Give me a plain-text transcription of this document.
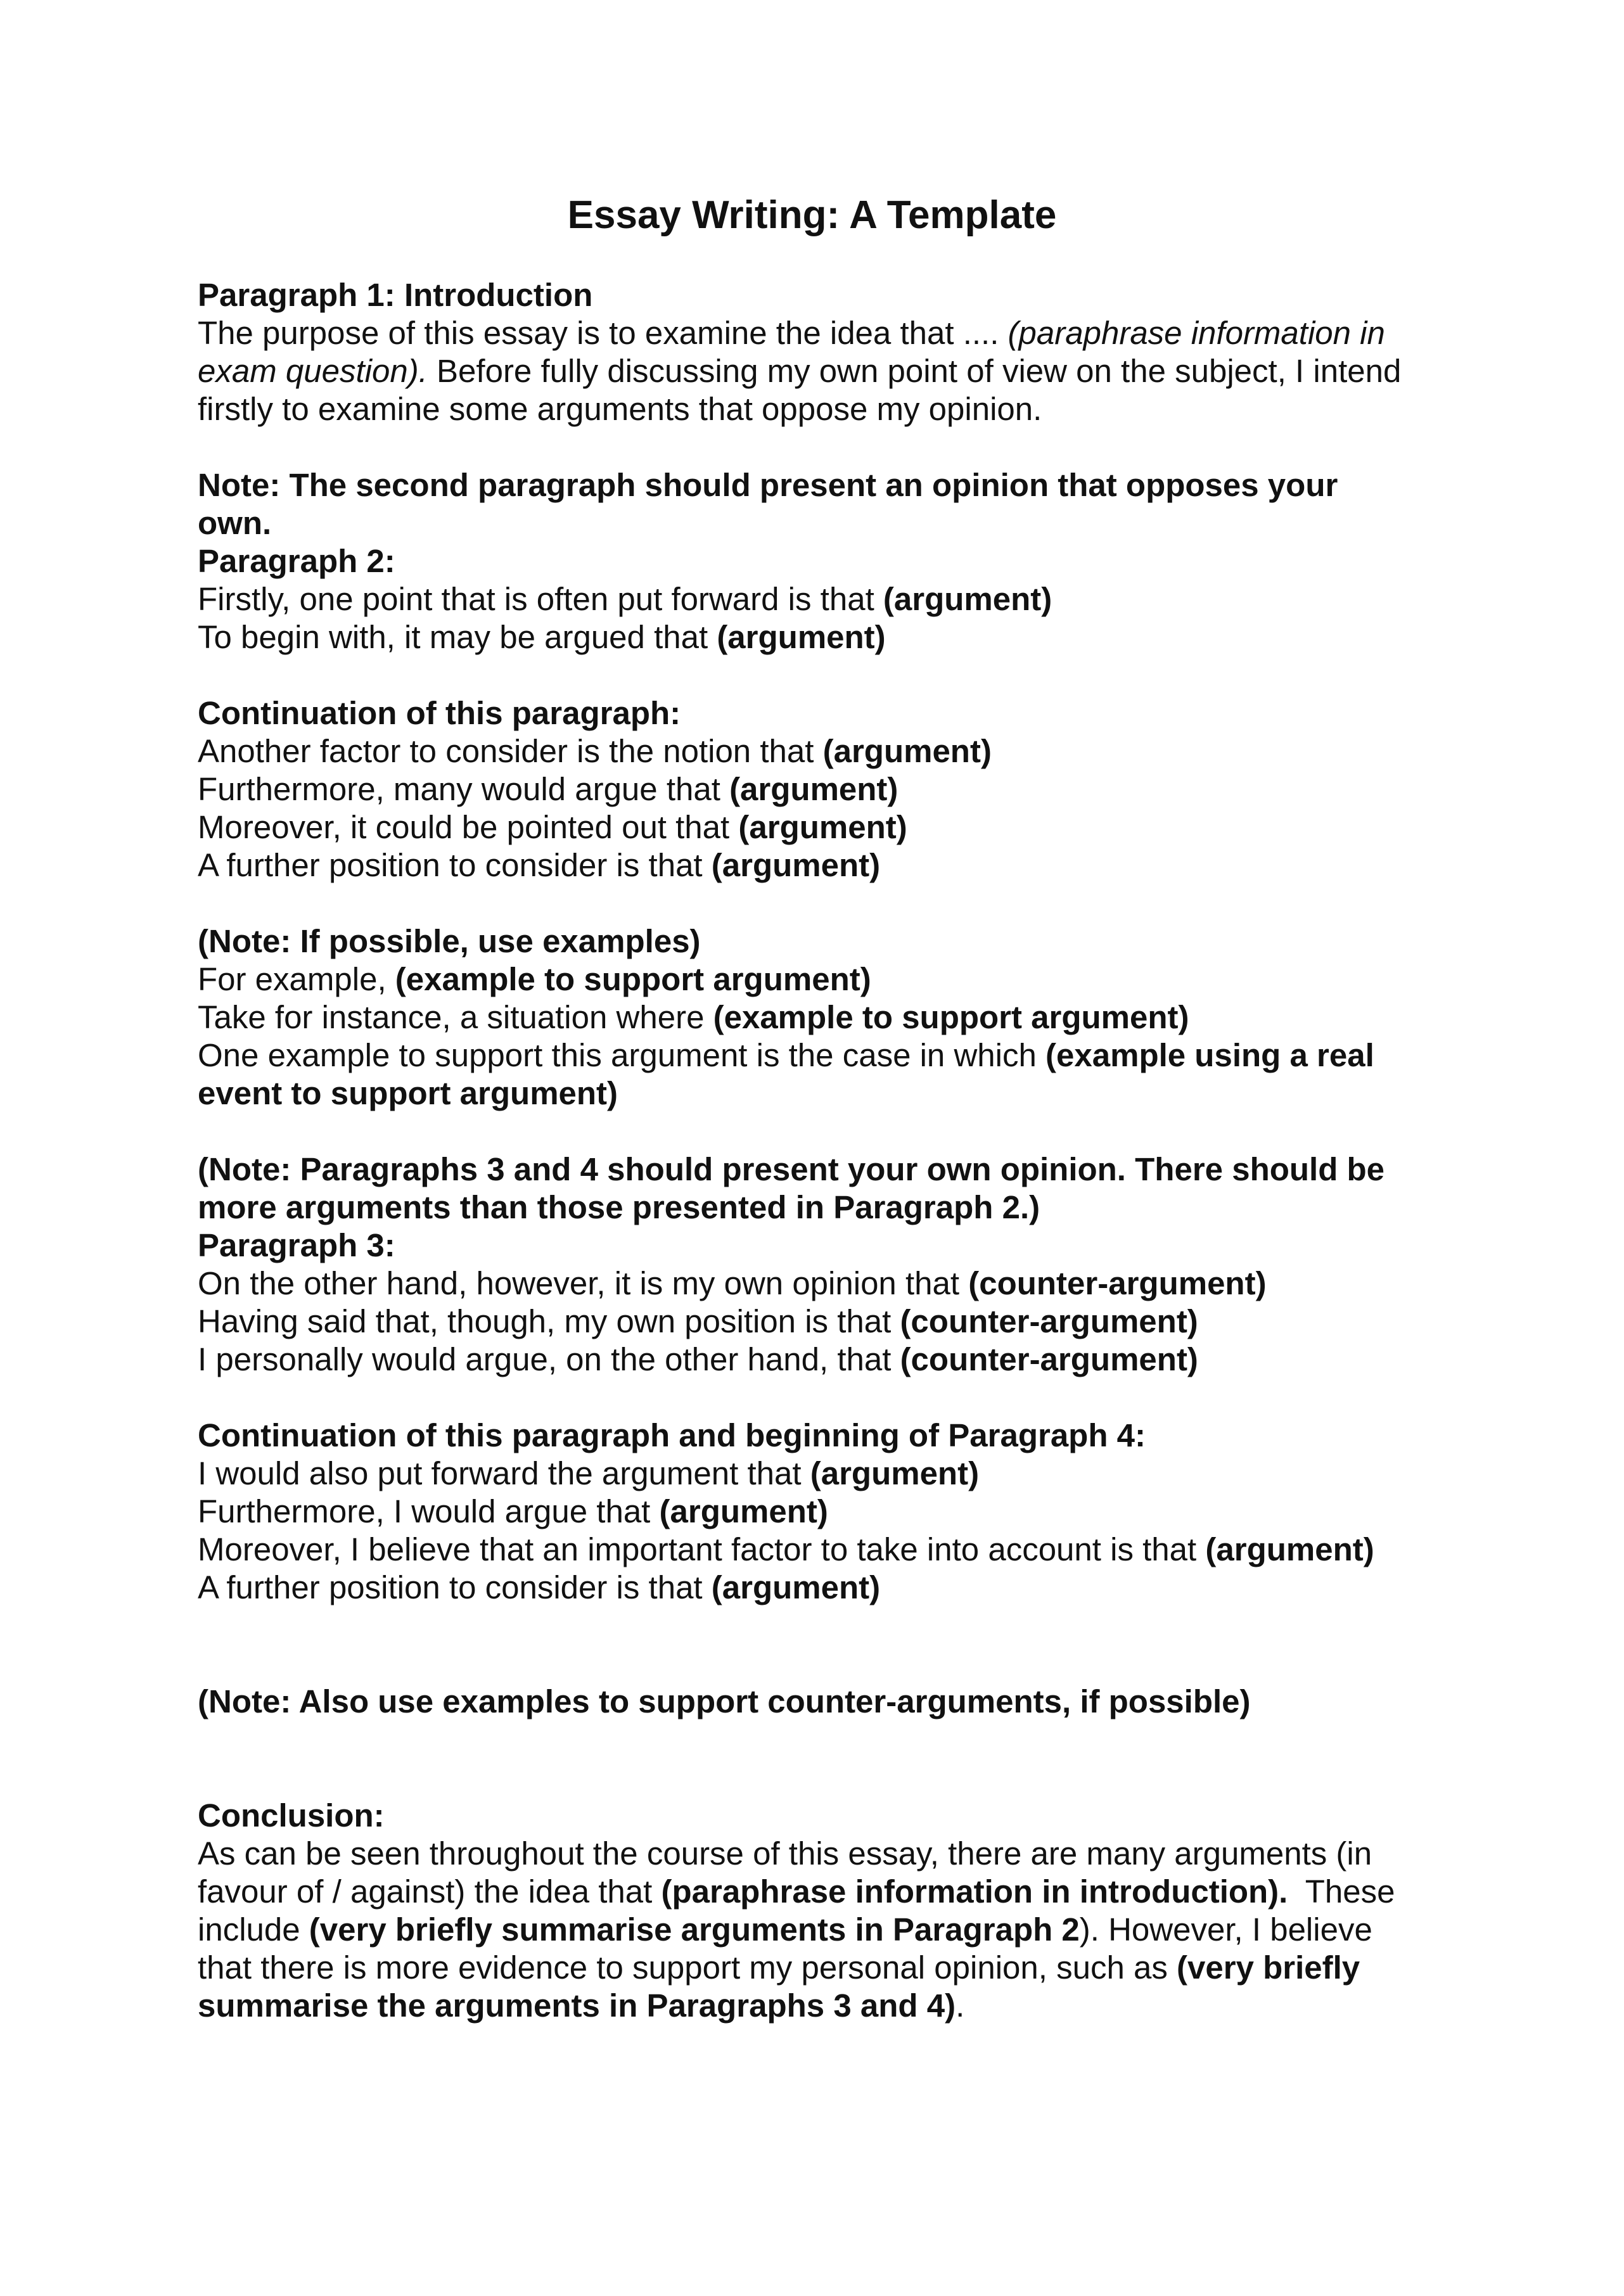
Essay Writing: A Template
Paragraph 1: Introduction
The purpose of this essay is to examine the idea that .... (paraphrase information in
exam question). Before fully discussing my own point of view on the subject, I intend
firstly to examine some arguments that oppose my opinion.
Note: The second paragraph should present an opinion that opposes your
own.
Paragraph 2:
Firstly, one point that is often put forward is that (argument)
To begin with, it may be argued that (argument)
Continuation of this paragraph:
Another factor to consider is the notion that (argument)
Furthermore, many would argue that (argument)
Moreover, it could be pointed out that (argument)
A further position to consider is that (argument)
(Note: If possible, use examples)
For example, (example to support argument)
Take for instance, a situation where (example to support argument)
One example to support this argument is the case in which (example using a real
event to support argument)
(Note: Paragraphs 3 and 4 should present your own opinion. There should be
more arguments than those presented in Paragraph 2.)
Paragraph 3:
On the other hand, however, it is my own opinion that (counter-argument)
Having said that, though, my own position is that (counter-argument)
I personally would argue, on the other hand, that (counter-argument)
Continuation of this paragraph and beginning of Paragraph 4:
I would also put forward the argument that (argument)
Furthermore, I would argue that (argument)
Moreover, I believe that an important factor to take into account is that (argument)
A further position to consider is that (argument)
(Note: Also use examples to support counter-arguments, if possible)
Conclusion:
As can be seen throughout the course of this essay, there are many arguments (in
favour of / against) the idea that (paraphrase information in introduction).  These
include (very briefly summarise arguments in Paragraph 2). However, I believe
that there is more evidence to support my personal opinion, such as (very briefly
summarise the arguments in Paragraphs 3 and 4).
